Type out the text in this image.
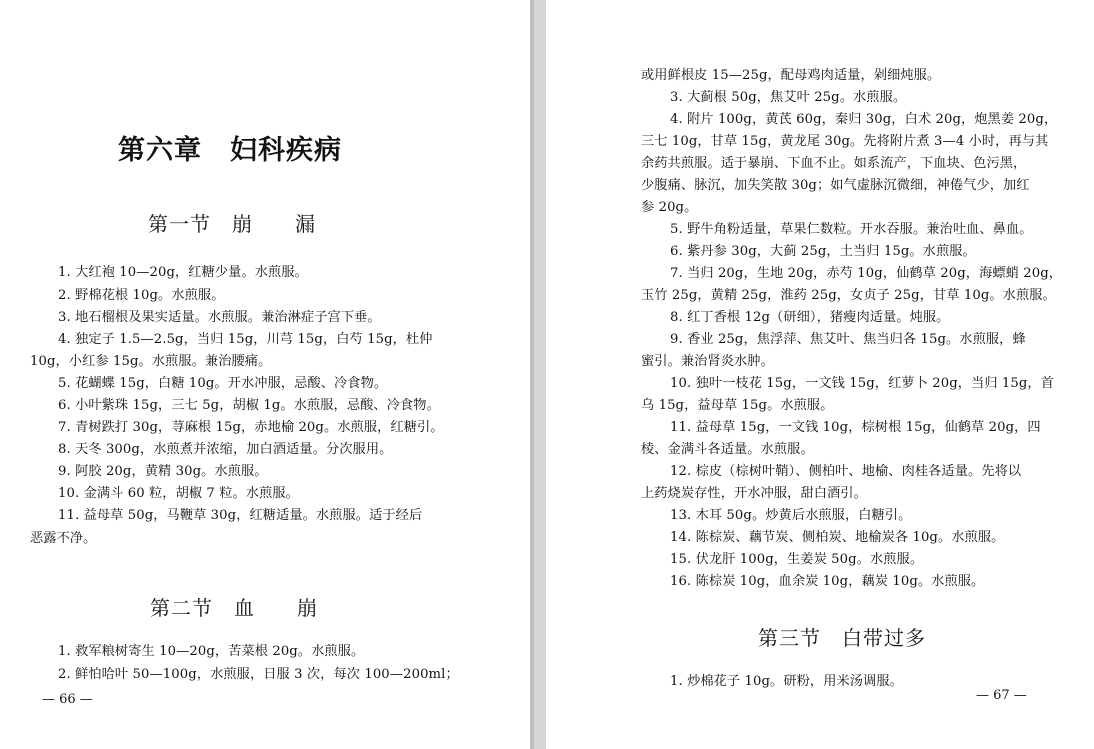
第六章　妇科疾病
第一节　崩　　漏
1. 大红袍 10—20g，红糖少量。水煎服。
2. 野棉花根 10g。水煎服。
3. 地石榴根及果实适量。水煎服。兼治淋症子宫下垂。
4. 独定子 1.5—2.5g，当归 15g，川芎 15g，白芍 15g，杜仲
10g，小红参 15g。水煎服。兼治腰痛。
5. 花蝴蝶 15g，白糖 10g。开水冲服，忌酸、冷食物。
6. 小叶紫珠 15g，三七 5g，胡椒 1g。水煎服，忌酸、冷食物。
7. 青树跌打 30g，荨麻根 15g，赤地榆 20g。水煎服，红糖引。
8. 天冬 300g，水煎煮并浓缩，加白酒适量。分次服用。
9. 阿胶 20g，黄精 30g。水煎服。
10. 金满斗 60 粒，胡椒 7 粒。水煎服。
11. 益母草 50g，马鞭草 30g，红糖适量。水煎服。适于经后
恶露不净。
第二节　血　　崩
1. 救军粮树寄生 10—20g，苦菜根 20g。水煎服。
2. 鲜怕哈叶 50—100g，水煎服，日服 3 次，每次 100—200ml；
— 66 —
或用鲜根皮 15—25g，配母鸡肉适量，剁细炖服。
3. 大蓟根 50g，焦艾叶 25g。水煎服。
4. 附片 100g，黄芪 60g，秦归 30g，白术 20g，炮黑姜 20g，
三七 10g，甘草 15g，黄龙尾 30g。先将附片煮 3—4 小时，再与其
余药共煎服。适于暴崩、下血不止。如系流产，下血块、色污黑，
少腹痛、脉沉，加失笑散 30g；如气虚脉沉微细，神倦气少，加红
参 20g。
5. 野牛角粉适量，草果仁数粒。开水吞服。兼治吐血、鼻血。
6. 紫丹参 30g，大蓟 25g，土当归 15g。水煎服。
7. 当归 20g，生地 20g，赤芍 10g，仙鹤草 20g，海螵蛸 20g，
玉竹 25g，黄精 25g，淮药 25g，女贞子 25g，甘草 10g。水煎服。
8. 红丁香根 12g（研细），猪瘦肉适量。炖服。
9. 香业 25g，焦浮萍、焦艾叶、焦当归各 15g。水煎服，蜂
蜜引。兼治肾炎水肿。
10. 独叶一枝花 15g，一文钱 15g，红萝卜 20g，当归 15g，首
乌 15g，益母草 15g。水煎服。
11. 益母草 15g，一文钱 10g，棕树根 15g，仙鹤草 20g，四
棱、金满斗各适量。水煎服。
12. 棕皮（棕树叶鞘）、侧柏叶、地榆、肉桂各适量。先将以
上药烧炭存性，开水冲服，甜白酒引。
13. 木耳 50g。炒黄后水煎服，白糖引。
14. 陈棕炭、藕节炭、侧柏炭、地榆炭各 10g。水煎服。
15. 伏龙肝 100g，生姜炭 50g。水煎服。
16. 陈棕炭 10g，血余炭 10g，藕炭 10g。水煎服。
第三节　白带过多
1. 炒棉花子 10g。研粉，用米汤调服。
— 67 —
